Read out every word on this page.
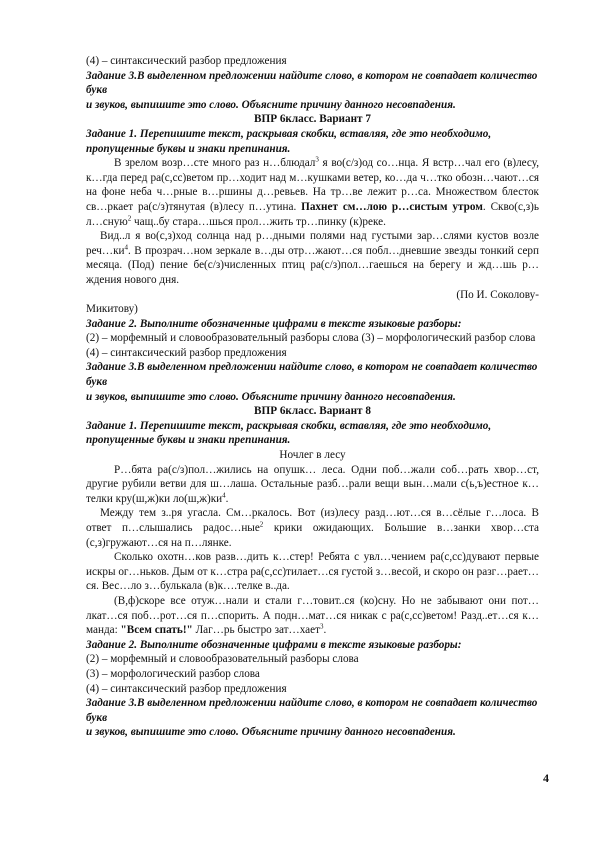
(4) – синтаксический разбор предложения

Задание 3.В выделенном предложении найдите слово, в котором не совпадает количество букв

и звуков, выпишите это слово. Объясните причину данного несовпадения.

ВПР 6класс. Вариант 7

Задание 1. Перепишите текст, раскрывая скобки, вставляя, где это необходимо, пропущенные буквы и знаки препинания.

В зрелом возр…сте много раз н…блюдал$^3$ я во(с/з)од со…нца. Я встр…чал его (в)лесу, к…гда перед ра(с,сс)ветом пр…ходит над м…кушками ветер, ко…да ч…тко обозн…чают…ся на фоне неба ч…рные в…ршины д…ревьев. На тр…ве лежит р…са. Множеством блесток св…ркает ра(с/з)тянутая (в)лесу п…утина. Пахнет см…лою р…систым утром. Скво(с,з)ь л…сную$^2$ чащ..бу стара…шься прол…жить тр…пинку (к)реке.

Вид..л я во(с,з)ход солнца над р…дными полями над густыми зар…слями кустов возле $реч\dots ки^4$. В прозрач…ном зеркале в…ды отр…жают…ся побл…дневшие звезды тонкий серп месяца. (Под) пение бе(с/з)численных птиц ра(с/з)пол…гаешься на берегу и жд…шь р…ждения нового дня.

(По И. Соколову-

Микитову)

Задание 2. Выполните обозначенные цифрами в тексте языковые разборы:

(2) – морфемный и словообразовательный разборы слова (3) – морфологический разбор слова

(4) – синтаксический разбор предложения

Задание 3.В выделенном предложении найдите слово, в котором не совпадает количество букв

и звуков, выпишите это слово. Объясните причину данного несовпадения.

ВПР 6класс. Вариант 8

Задание 1. Перепишите текст, раскрывая скобки, вставляя, где это необходимо, пропущенные буквы и знаки препинания.

Ночлег в лесу

Р…бята ра(с/з)пол…жились на опушк… леса. Одни поб…жали соб…рать хвор…ст, другие рубили ветви для ш…лаша. Остальные разб…рали вещи вын…мали с(ь,ъ)естное к…телки кру(ш,ж)ки $ло(ш,ж)ки^4$.

Между тем з..ря угасла. См…ркалось. Вот (из)лесу разд…ют…ся в…сёлые г…лоса. В ответ п…слышались радос…ные$^2$ крики ожидающих. Большие в…занки хвор…ста (с,з)гружают…ся на п…лянке.

Сколько охотн…ков разв…дить к…стер! Ребята с увл…чением ра(с,сс)дувают первые искры ог…ньков. Дым от к…стра ра(с,сс)тилает…ся густой з…весой, и скоро он разг…рает…ся. Вес…ло з…булькала (в)к….телке в..да.

(В,ф)скоре все отуж…нали и стали г…товит..ся (ко)сну. Но не забывают они пот…лкат…ся поб…рот…ся п…спорить. А подн…мат…ся никак с ра(с,сс)ветом! Разд..ет…ся к…манда: "Всем спать!" Лаг…рь быстро зат…хает$^3$.

Задание 2. Выполните обозначенные цифрами в тексте языковые разборы:

(2) – морфемный и словообразовательный разборы слова

(3) – морфологический разбор слова

(4) – синтаксический разбор предложения

Задание 3.В выделенном предложении найдите слово, в котором не совпадает количество букв

и звуков, выпишите это слово. Объясните причину данного несовпадения.

4
